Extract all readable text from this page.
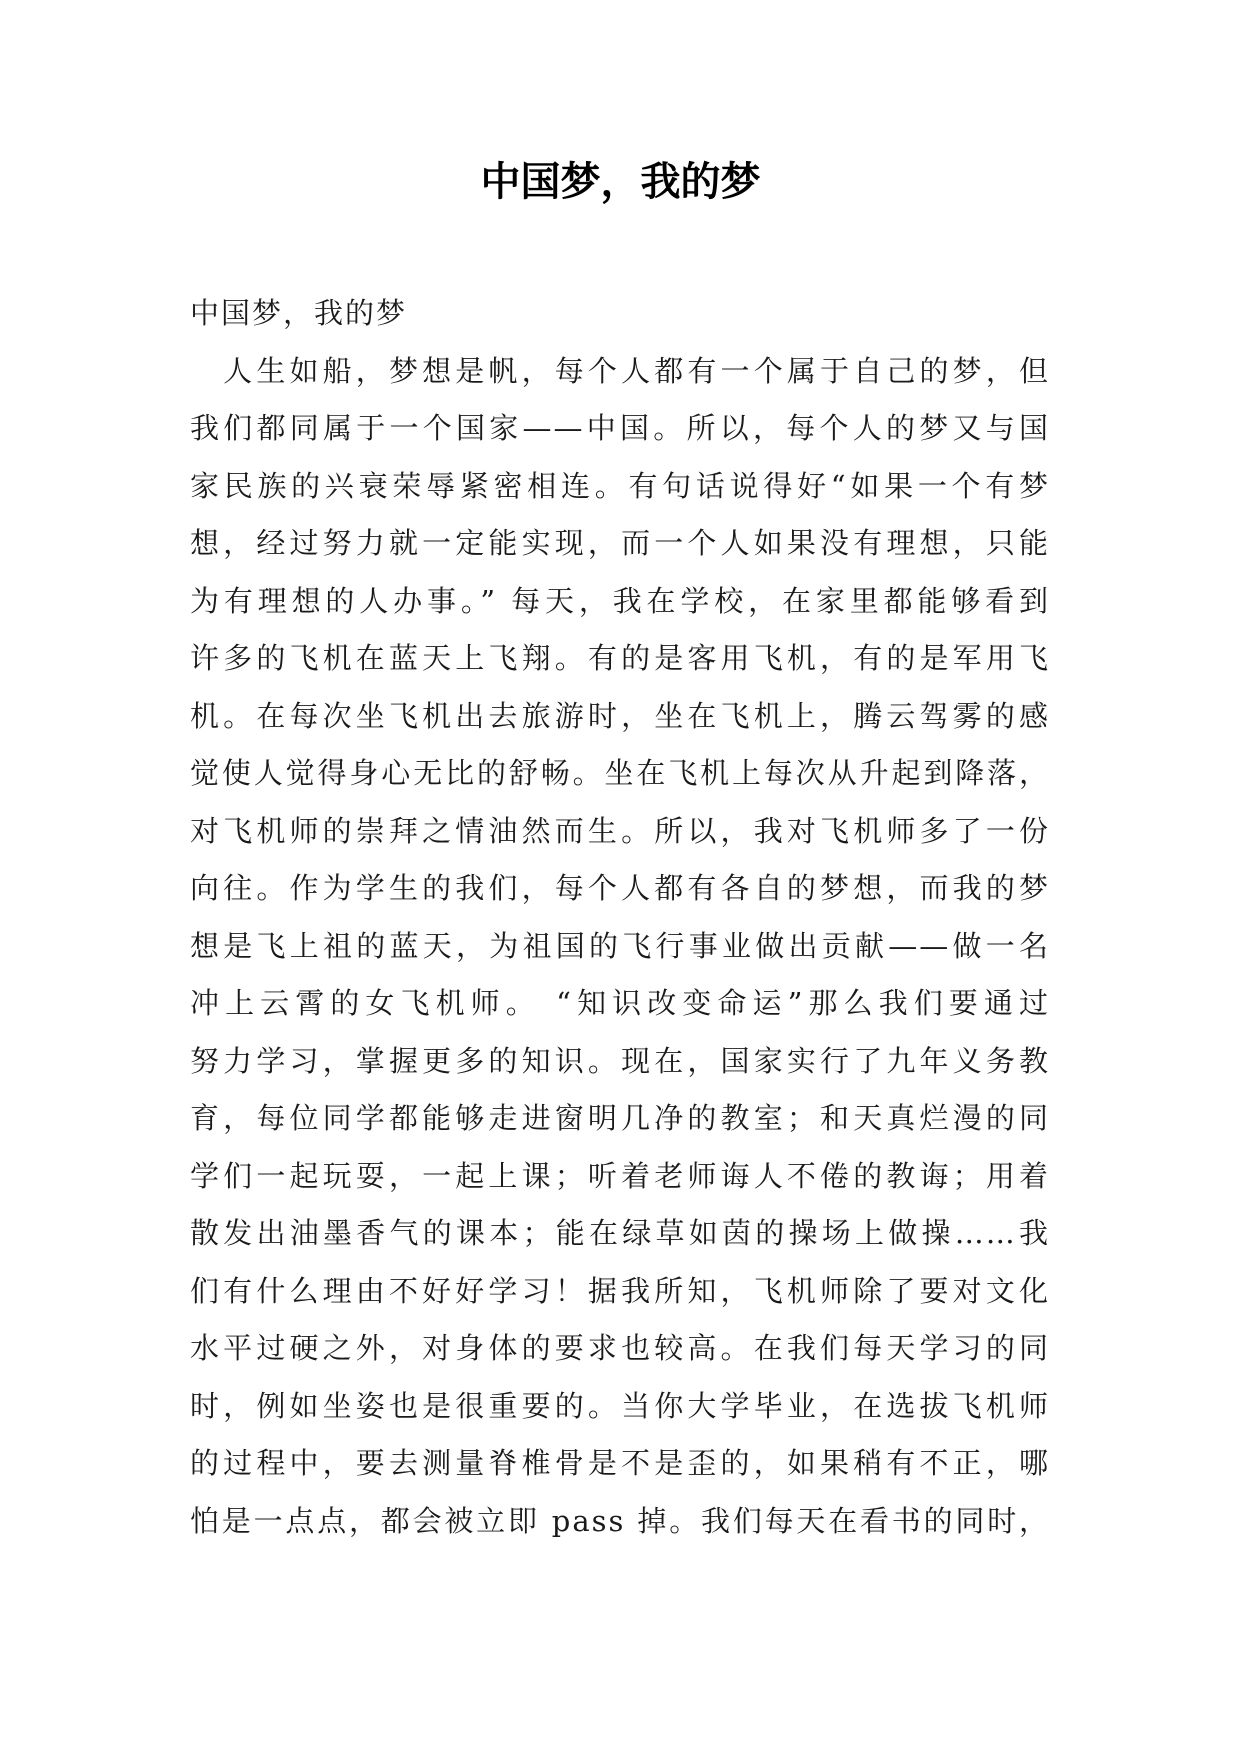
中国梦，我的梦
中国梦，我的梦
　人生如船，梦想是帆，每个人都有一个属于自己的梦，但
我们都同属于一个国家——中国。所以，每个人的梦又与国
家民族的兴衰荣辱紧密相连。有句话说得好“如果一个有梦
想，经过努力就一定能实现，而一个人如果没有理想，只能
为有理想的人办事。” 每天，我在学校，在家里都能够看到
许多的飞机在蓝天上飞翔。有的是客用飞机，有的是军用飞
机。在每次坐飞机出去旅游时，坐在飞机上，腾云驾雾的感
觉使人觉得身心无比的舒畅。坐在飞机上每次从升起到降落，
对飞机师的崇拜之情油然而生。所以，我对飞机师多了一份
向往。作为学生的我们，每个人都有各自的梦想，而我的梦
想是飞上祖的蓝天，为祖国的飞行事业做出贡献——做一名
冲上云霄的女飞机师。 “知识改变命运”那么我们要通过
努力学习，掌握更多的知识。现在，国家实行了九年义务教
育，每位同学都能够走进窗明几净的教室；和天真烂漫的同
学们一起玩耍，一起上课；听着老师诲人不倦的教诲；用着
散发出油墨香气的课本；能在绿草如茵的操场上做操……我
们有什么理由不好好学习！据我所知，飞机师除了要对文化
水平过硬之外，对身体的要求也较高。在我们每天学习的同
时，例如坐姿也是很重要的。当你大学毕业，在选拔飞机师
的过程中，要去测量脊椎骨是不是歪的，如果稍有不正，哪
怕是一点点，都会被立即 pass 掉。我们每天在看书的同时，
